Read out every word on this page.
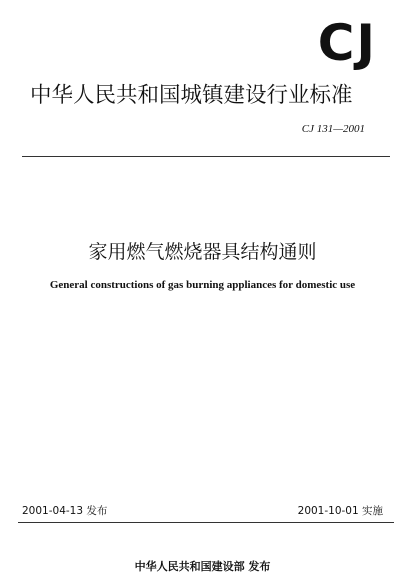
CJ
中华人民共和国城镇建设行业标准
CJ 131—2001
家用燃气燃烧器具结构通则
General constructions of gas burning appliances for domestic use
2001-04-13 发布	2001-10-01 实施
中华人民共和国建设部 发布
